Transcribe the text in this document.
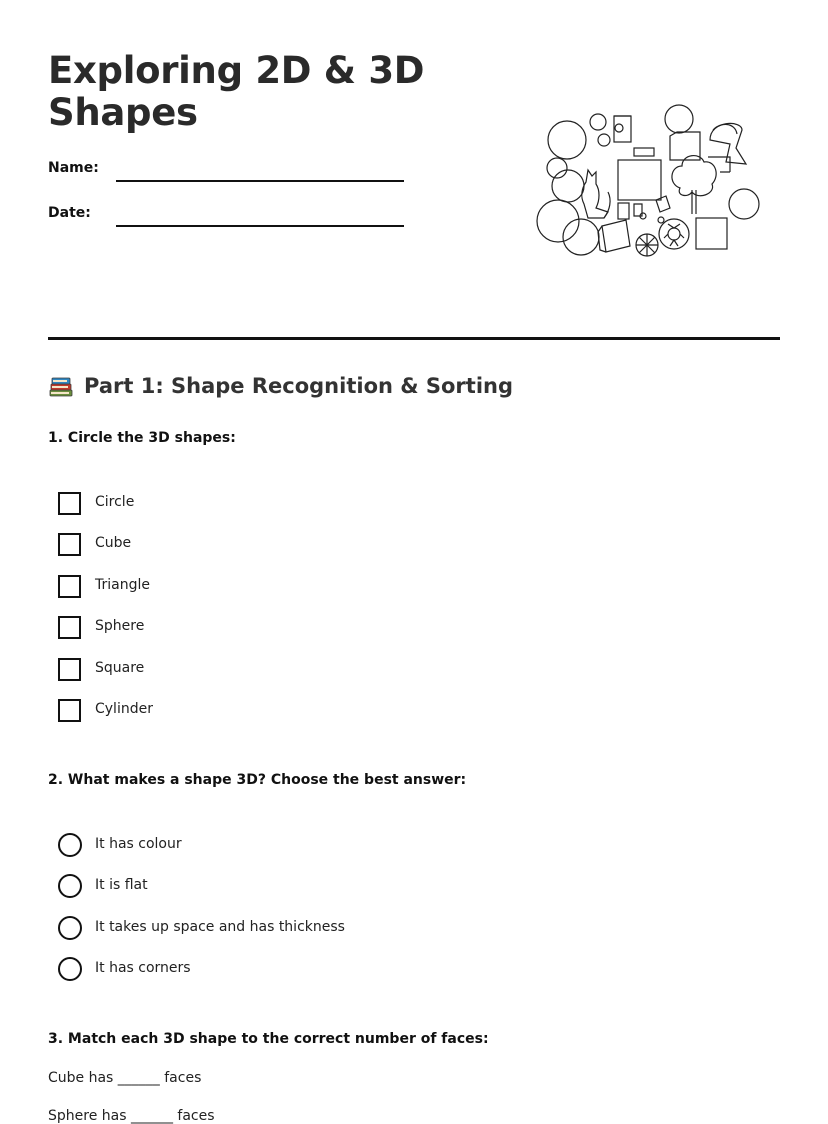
Exploring 2D & 3D Shapes
Name:
Date:
Part 1: Shape Recognition & Sorting

1. Circle the 3D shapes:

Circle
Cube
Triangle
Sphere
Square
Cylinder

2. What makes a shape 3D? Choose the best answer:

It has colour
It is flat
It takes up space and has thickness
It has corners

3. Match each 3D shape to the correct number of faces:

Cube has ______ faces
Sphere has ______ faces
